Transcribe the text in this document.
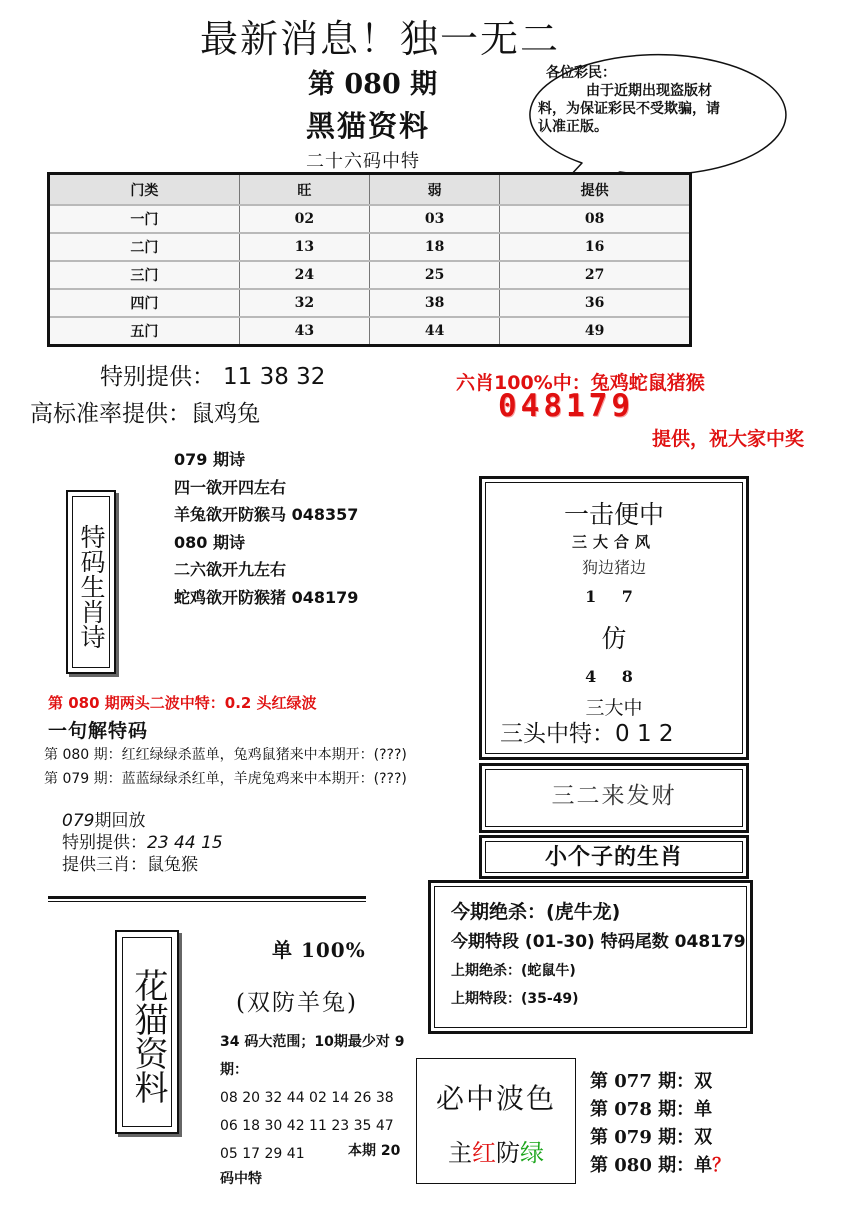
最新消息！独一无二
第 080 期
黑猫资料
二十六码中特
各位彩民：
由于近期出现盗版材料，为保证彩民不受欺骗，请认准正版。
门类	旺	弱	提供
一门	02	03	08
二门	13	18	16
三门	24	25	27
四门	32	38	36
五门	43	44	49
特别提供： 11 38 32
高标准率提供：鼠鸡兔
六肖100%中：兔鸡蛇鼠猪猴
048179
提供，祝大家中奖
特码生肖诗
079 期诗
四一欲开四左右
羊兔欲开防猴马 048357
080 期诗
二六欲开九左右
蛇鸡欲开防猴猪 048179
一击便中
三大合风
狗边猪边
1 7
仿
4 8
三大中
三头中特：0 1 2
三二来发财
小个子的生肖
今期绝杀：(虎牛龙)
今期特段 (01-30) 特码尾数 048179
上期绝杀：(蛇鼠牛)
上期特段：(35-49)
第 080 期两头二波中特：0.2 头红绿波
一句解特码
第 080 期：红红绿绿杀蓝单，兔鸡鼠猪来中本期开：(???)
第 079 期：蓝蓝绿绿杀红单，羊虎兔鸡来中本期开：(???)
079期回放
特别提供：23 44 15
提供三肖：鼠兔猴
花猫资料
单 100%
(双防羊兔)
34 码大范围；10期最少对 9期：
08 20 32 44 02 14 26 38
06 18 30 42 11 23 35 47
05 17 29 41	本期 20
码中特
必中波色
主红防绿
第 077 期：双
第 078 期：单
第 079 期：双
第 080 期：单？
